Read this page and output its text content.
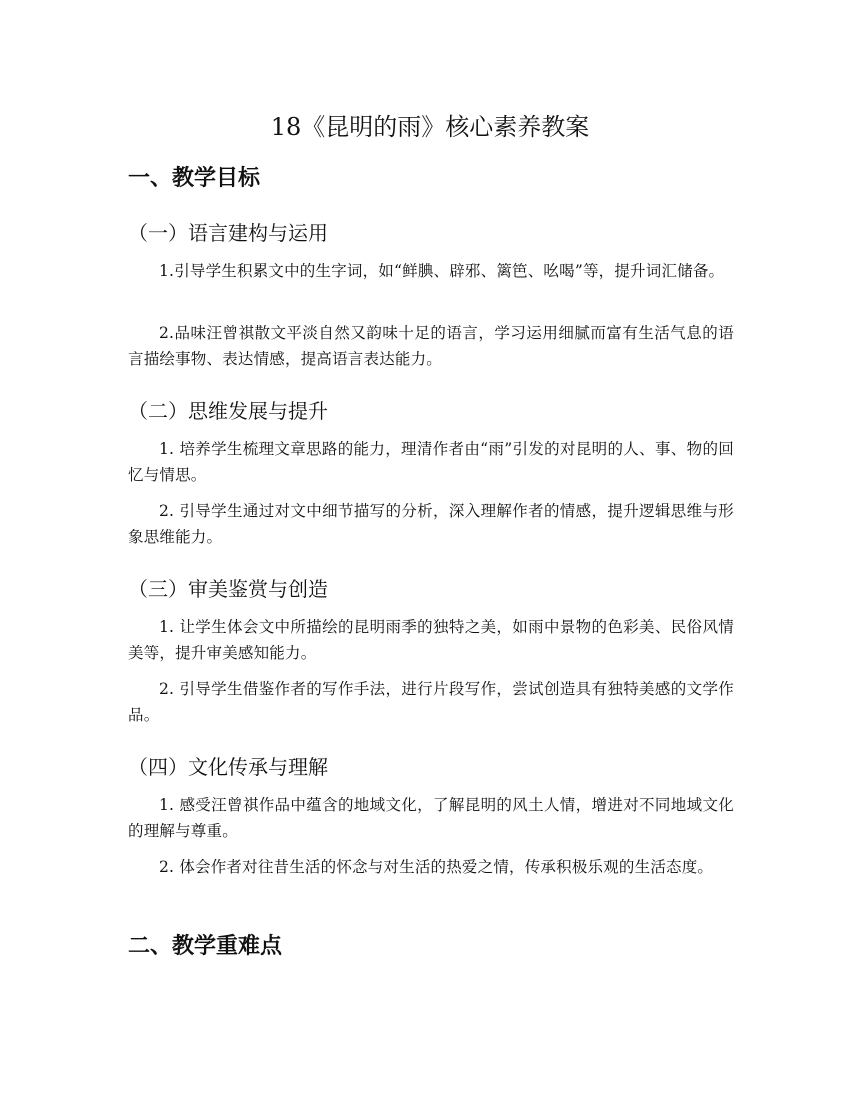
18《昆明的雨》核心素养教案
一、教学目标
（一）语言建构与运用
1.引导学生积累文中的生字词，如“鲜腆、辟邪、篱笆、吆喝”等，提升词汇储备。
2.品味汪曾祺散文平淡自然又韵味十足的语言，学习运用细腻而富有生活气息的语言描绘事物、表达情感，提高语言表达能力。
（二）思维发展与提升
1. 培养学生梳理文章思路的能力，理清作者由“雨”引发的对昆明的人、事、物的回忆与情思。
2. 引导学生通过对文中细节描写的分析，深入理解作者的情感，提升逻辑思维与形象思维能力。
（三）审美鉴赏与创造
1. 让学生体会文中所描绘的昆明雨季的独特之美，如雨中景物的色彩美、民俗风情美等，提升审美感知能力。
2. 引导学生借鉴作者的写作手法，进行片段写作，尝试创造具有独特美感的文学作品。
（四）文化传承与理解
1. 感受汪曾祺作品中蕴含的地域文化，了解昆明的风土人情，增进对不同地域文化的理解与尊重。
2. 体会作者对往昔生活的怀念与对生活的热爱之情，传承积极乐观的生活态度。
二、教学重难点
